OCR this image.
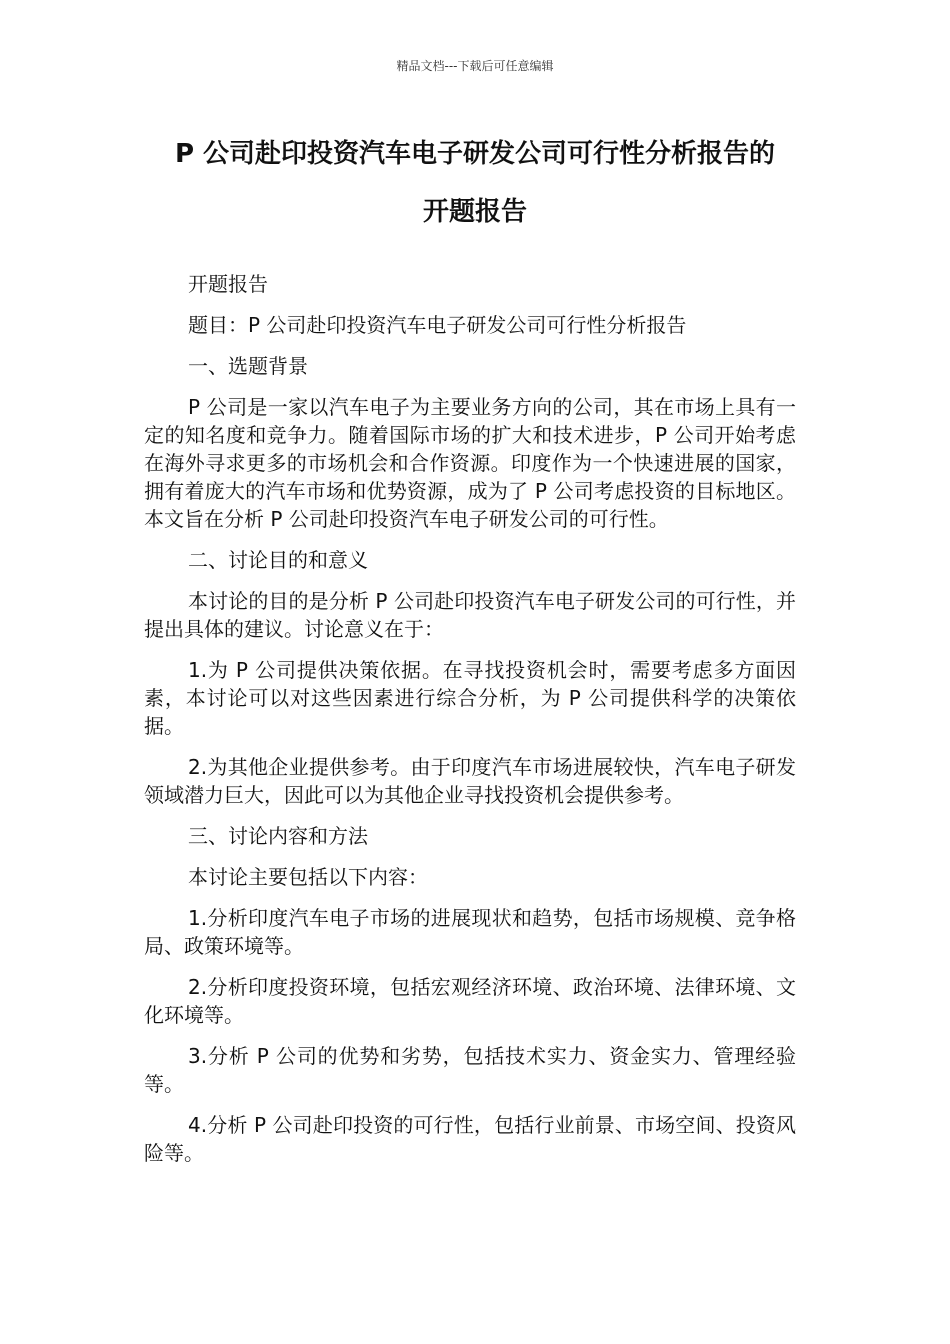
精品文档---下载后可任意编辑
P 公司赴印投资汽车电子研发公司可行性分析报告的
开题报告

开题报告

题目：P 公司赴印投资汽车电子研发公司可行性分析报告

一、选题背景

P 公司是一家以汽车电子为主要业务方向的公司，其在市场上具有一定的知名度和竞争力。随着国际市场的扩大和技术进步，P 公司开始考虑在海外寻求更多的市场机会和合作资源。印度作为一个快速进展的国家，拥有着庞大的汽车市场和优势资源，成为了 P 公司考虑投资的目标地区。本文旨在分析 P 公司赴印投资汽车电子研发公司的可行性。

二、讨论目的和意义

本讨论的目的是分析 P 公司赴印投资汽车电子研发公司的可行性，并提出具体的建议。讨论意义在于：

1.为 P 公司提供决策依据。在寻找投资机会时，需要考虑多方面因素，本讨论可以对这些因素进行综合分析，为 P 公司提供科学的决策依据。

2.为其他企业提供参考。由于印度汽车市场进展较快，汽车电子研发领域潜力巨大，因此可以为其他企业寻找投资机会提供参考。

三、讨论内容和方法

本讨论主要包括以下内容：

1.分析印度汽车电子市场的进展现状和趋势，包括市场规模、竞争格局、政策环境等。

2.分析印度投资环境，包括宏观经济环境、政治环境、法律环境、文化环境等。

3.分析 P 公司的优势和劣势，包括技术实力、资金实力、管理经验等。

4.分析 P 公司赴印投资的可行性，包括行业前景、市场空间、投资风险等。
